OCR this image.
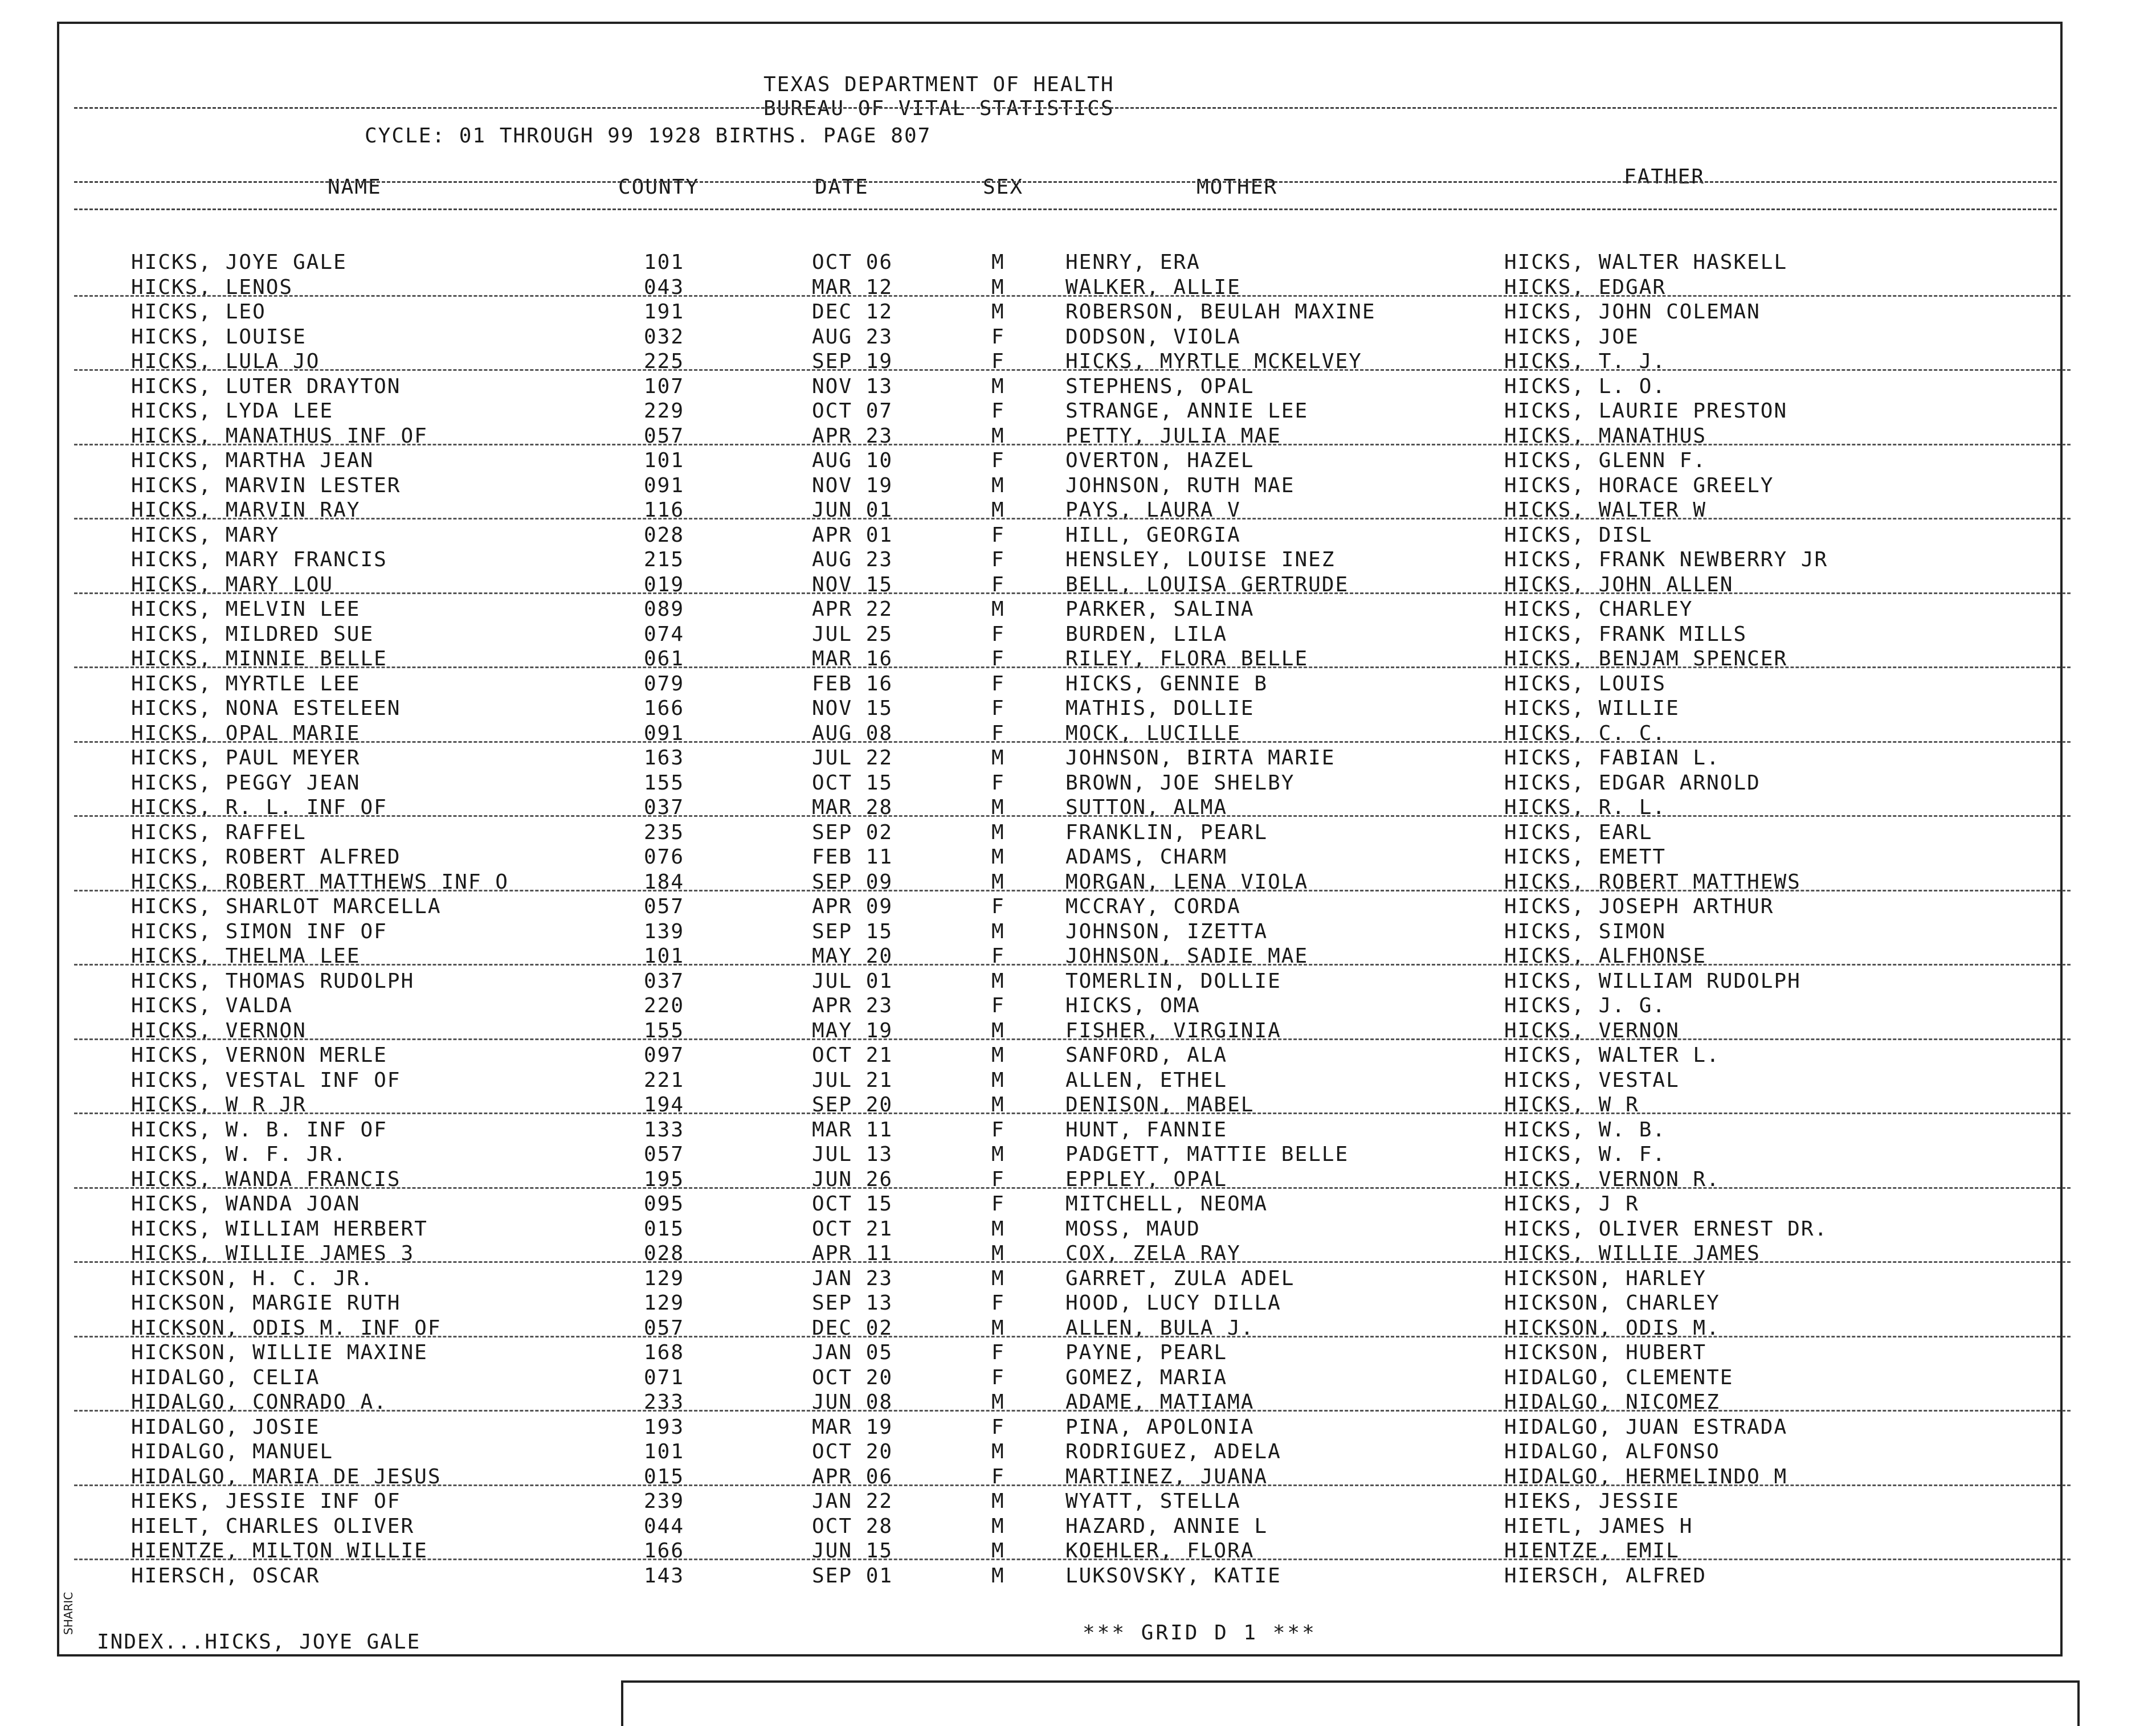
TEXAS DEPARTMENT OF HEALTH
BUREAU OF VITAL STATISTICS
CYCLE: 01 THROUGH 99 1928 BIRTHS. PAGE 807
NAME	COUNTY	DATE	SEX	MOTHER	FATHER
HICKS, JOYE GALE	101	OCT 06	M	HENRY, ERA	HICKS, WALTER HASKELL
HICKS, LENOS	043	MAR 12	M	WALKER, ALLIE	HICKS, EDGAR
HICKS, LEO	191	DEC 12	M	ROBERSON, BEULAH MAXINE	HICKS, JOHN COLEMAN
HICKS, LOUISE	032	AUG 23	F	DODSON, VIOLA	HICKS, JOE
HICKS, LULA JO	225	SEP 19	F	HICKS, MYRTLE MCKELVEY	HICKS, T. J.
HICKS, LUTER DRAYTON	107	NOV 13	M	STEPHENS, OPAL	HICKS, L. O.
HICKS, LYDA LEE	229	OCT 07	F	STRANGE, ANNIE LEE	HICKS, LAURIE PRESTON
HICKS, MANATHUS INF OF	057	APR 23	M	PETTY, JULIA MAE	HICKS, MANATHUS
HICKS, MARTHA JEAN	101	AUG 10	F	OVERTON, HAZEL	HICKS, GLENN F.
HICKS, MARVIN LESTER	091	NOV 19	M	JOHNSON, RUTH MAE	HICKS, HORACE GREELY
HICKS, MARVIN RAY	116	JUN 01	M	PAYS, LAURA V	HICKS, WALTER W
HICKS, MARY	028	APR 01	F	HILL, GEORGIA	HICKS, DISL
HICKS, MARY FRANCIS	215	AUG 23	F	HENSLEY, LOUISE INEZ	HICKS, FRANK NEWBERRY JR
HICKS, MARY LOU	019	NOV 15	F	BELL, LOUISA GERTRUDE	HICKS, JOHN ALLEN
HICKS, MELVIN LEE	089	APR 22	M	PARKER, SALINA	HICKS, CHARLEY
HICKS, MILDRED SUE	074	JUL 25	F	BURDEN, LILA	HICKS, FRANK MILLS
HICKS, MINNIE BELLE	061	MAR 16	F	RILEY, FLORA BELLE	HICKS, BENJAM SPENCER
HICKS, MYRTLE LEE	079	FEB 16	F	HICKS, GENNIE B	HICKS, LOUIS
HICKS, NONA ESTELEEN	166	NOV 15	F	MATHIS, DOLLIE	HICKS, WILLIE
HICKS, OPAL MARIE	091	AUG 08	F	MOCK, LUCILLE	HICKS, C. C.
HICKS, PAUL MEYER	163	JUL 22	M	JOHNSON, BIRTA MARIE	HICKS, FABIAN L.
HICKS, PEGGY JEAN	155	OCT 15	F	BROWN, JOE SHELBY	HICKS, EDGAR ARNOLD
HICKS, R. L. INF OF	037	MAR 28	M	SUTTON, ALMA	HICKS, R. L.
HICKS, RAFFEL	235	SEP 02	M	FRANKLIN, PEARL	HICKS, EARL
HICKS, ROBERT ALFRED	076	FEB 11	M	ADAMS, CHARM	HICKS, EMETT
HICKS, ROBERT MATTHEWS INF O	184	SEP 09	M	MORGAN, LENA VIOLA	HICKS, ROBERT MATTHEWS
HICKS, SHARLOT MARCELLA	057	APR 09	F	MCCRAY, CORDA	HICKS, JOSEPH ARTHUR
HICKS, SIMON INF OF	139	SEP 15	M	JOHNSON, IZETTA	HICKS, SIMON
HICKS, THELMA LEE	101	MAY 20	F	JOHNSON, SADIE MAE	HICKS, ALFHONSE
HICKS, THOMAS RUDOLPH	037	JUL 01	M	TOMERLIN, DOLLIE	HICKS, WILLIAM RUDOLPH
HICKS, VALDA	220	APR 23	F	HICKS, OMA	HICKS, J. G.
HICKS, VERNON	155	MAY 19	M	FISHER, VIRGINIA	HICKS, VERNON
HICKS, VERNON MERLE	097	OCT 21	M	SANFORD, ALA	HICKS, WALTER L.
HICKS, VESTAL INF OF	221	JUL 21	M	ALLEN, ETHEL	HICKS, VESTAL
HICKS, W R JR	194	SEP 20	M	DENISON, MABEL	HICKS, W R
HICKS, W. B. INF OF	133	MAR 11	F	HUNT, FANNIE	HICKS, W. B.
HICKS, W. F. JR.	057	JUL 13	M	PADGETT, MATTIE BELLE	HICKS, W. F.
HICKS, WANDA FRANCIS	195	JUN 26	F	EPPLEY, OPAL	HICKS, VERNON R.
HICKS, WANDA JOAN	095	OCT 15	F	MITCHELL, NEOMA	HICKS, J R
HICKS, WILLIAM HERBERT	015	OCT 21	M	MOSS, MAUD	HICKS, OLIVER ERNEST DR.
HICKS, WILLIE JAMES 3	028	APR 11	M	COX, ZELA RAY	HICKS, WILLIE JAMES
HICKSON, H. C. JR.	129	JAN 23	M	GARRET, ZULA ADEL	HICKSON, HARLEY
HICKSON, MARGIE RUTH	129	SEP 13	F	HOOD, LUCY DILLA	HICKSON, CHARLEY
HICKSON, ODIS M. INF OF	057	DEC 02	M	ALLEN, BULA J.	HICKSON, ODIS M.
HICKSON, WILLIE MAXINE	168	JAN 05	F	PAYNE, PEARL	HICKSON, HUBERT
HIDALGO, CELIA	071	OCT 20	F	GOMEZ, MARIA	HIDALGO, CLEMENTE
HIDALGO, CONRADO A.	233	JUN 08	M	ADAME, MATIAMA	HIDALGO, NICOMEZ
HIDALGO, JOSIE	193	MAR 19	F	PINA, APOLONIA	HIDALGO, JUAN ESTRADA
HIDALGO, MANUEL	101	OCT 20	M	RODRIGUEZ, ADELA	HIDALGO, ALFONSO
HIDALGO, MARIA DE JESUS	015	APR 06	F	MARTINEZ, JUANA	HIDALGO, HERMELINDO M
HIEKS, JESSIE INF OF	239	JAN 22	M	WYATT, STELLA	HIEKS, JESSIE
HIELT, CHARLES OLIVER	044	OCT 28	M	HAZARD, ANNIE L	HIETL, JAMES H
HIENTZE, MILTON WILLIE	166	JUN 15	M	KOEHLER, FLORA	HIENTZE, EMIL
HIERSCH, OSCAR	143	SEP 01	M	LUKSOVSKY, KATIE	HIERSCH, ALFRED
INDEX...HICKS, JOYE GALE	*** GRID D 1 ***
SHARIC
